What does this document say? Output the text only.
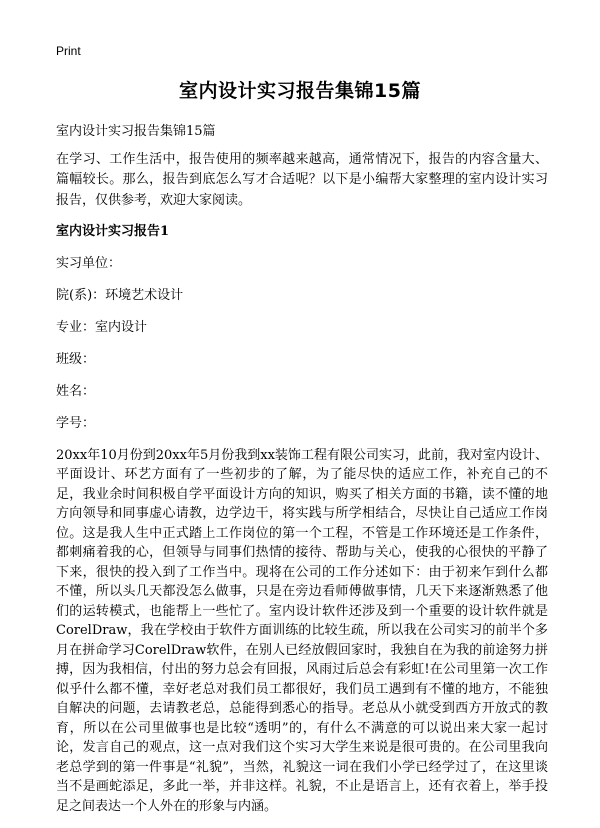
Print
室内设计实习报告集锦15篇

室内设计实习报告集锦15篇

在学习、工作生活中，报告使用的频率越来越高，通常情况下，报告的内容含量大、篇幅较长。那么，报告到底怎么写才合适呢？以下是小编帮大家整理的室内设计实习报告，仅供参考，欢迎大家阅读。

室内设计实习报告1

实习单位：

院(系)：环境艺术设计

专业：室内设计

班级：

姓名：

学号：

20xx年10月份到20xx年5月份我到xx装饰工程有限公司实习，此前，我对室内设计、平面设计、环艺方面有了一些初步的了解，为了能尽快的适应工作，补充自己的不足，我业余时间积极自学平面设计方向的知识，购买了相关方面的书籍，读不懂的地方向领导和同事虚心请教，边学边干，将实践与所学相结合，尽快让自己适应工作岗位。这是我人生中正式踏上工作岗位的第一个工程，不管是工作环境还是工作条件，都刺痛着我的心，但领导与同事们热情的接待、帮助与关心，使我的心很快的平静了下来，很快的投入到了工作当中。现将在公司的工作分述如下：由于初来乍到什么都不懂，所以头几天都没怎么做事，只是在旁边看师傅做事情，几天下来逐渐熟悉了他们的运转模式，也能帮上一些忙了。室内设计软件还涉及到一个重要的设计软件就是CorelDraw，我在学校由于软件方面训练的比较生疏，所以我在公司实习的前半个多月在拼命学习CorelDraw软件，在别人已经放假回家时，我独自在为我的前途努力拼搏，因为我相信，付出的努力总会有回报，风雨过后总会有彩虹!在公司里第一次工作似乎什么都不懂，幸好老总对我们员工都很好，我们员工遇到有不懂的地方，不能独自解决的问题，去请教老总，总能得到悉心的指导。老总从小就受到西方开放式的教育，所以在公司里做事也是比较“透明”的，有什么不满意的可以说出来大家一起讨论，发言自己的观点，这一点对我们这个实习大学生来说是很可贵的。在公司里我向老总学到的第一件事是“礼貌”，当然，礼貌这一词在我们小学已经学过了，在这里谈当不是画蛇添足，多此一举，并非这样。礼貌，不止是语言上，还有衣着上，举手投足之间表达一个人外在的形象与内涵。
